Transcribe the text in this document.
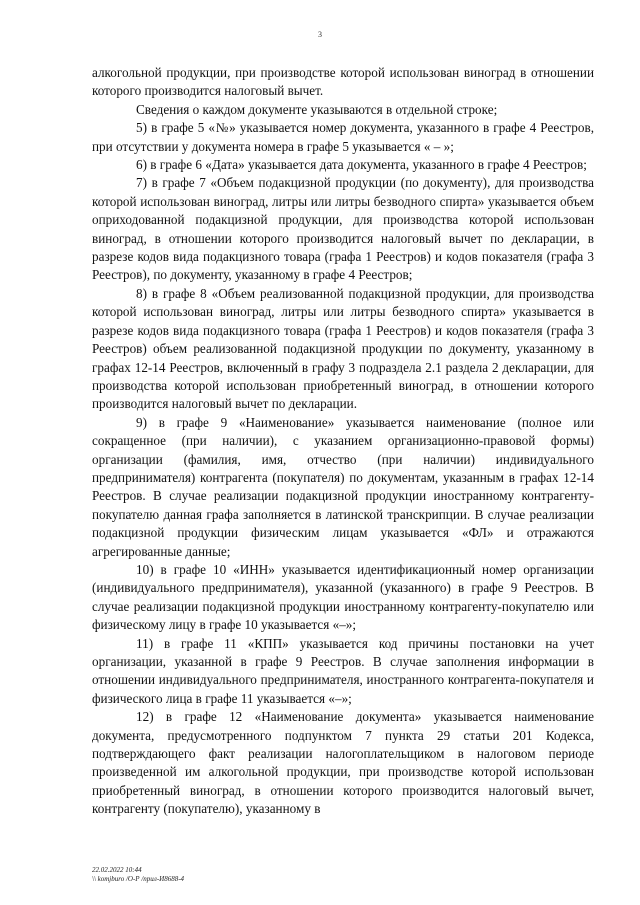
3

алкогольной продукции, при производстве которой использован виноград в отношении которого производится налоговый вычет.

Сведения о каждом документе указываются в отдельной строке;

5) в графе 5 «№» указывается номер документа, указанного в графе 4 Реестров, при отсутствии у документа номера в графе 5 указывается « – »;

6) в графе 6 «Дата» указывается дата документа, указанного в графе 4 Реестров;

7) в графе 7 «Объем подакцизной продукции (по документу), для производства которой использован виноград, литры или литры безводного спирта» указывается объем оприходованной подакцизной продукции, для производства которой использован виноград, в отношении которого производится налоговый вычет по декларации, в разрезе кодов вида подакцизного товара (графа 1 Реестров) и кодов показателя (графа 3 Реестров), по документу, указанному в графе 4 Реестров;

8) в графе 8 «Объем реализованной подакцизной продукции, для производства которой использован виноград, литры или литры безводного спирта» указывается в разрезе кодов вида подакцизного товара (графа 1 Реестров) и кодов показателя (графа 3 Реестров) объем реализованной подакцизной продукции по документу, указанному в графах 12-14 Реестров, включенный в графу 3 подраздела 2.1 раздела 2 декларации, для производства которой использован приобретенный виноград, в отношении которого производится налоговый вычет по декларации.

9) в графе 9 «Наименование» указывается наименование (полное или сокращенное (при наличии), с указанием организационно-правовой формы) организации (фамилия, имя, отчество (при наличии) индивидуального предпринимателя) контрагента (покупателя) по документам, указанным в графах 12-14 Реестров. В случае реализации подакцизной продукции иностранному контрагенту-покупателю данная графа заполняется в латинской транскрипции. В случае реализации подакцизной продукции физическим лицам указывается «ФЛ» и отражаются агрегированные данные;

10) в графе 10 «ИНН» указывается идентификационный номер организации (индивидуального предпринимателя), указанной (указанного) в графе 9 Реестров. В случае реализации подакцизной продукции иностранному контрагенту-покупателю или физическому лицу в графе 10 указывается «–»;

11) в графе 11 «КПП» указывается код причины постановки на учет организации, указанной в графе 9 Реестров. В случае заполнения информации в отношении индивидуального предпринимателя, иностранного контрагента-покупателя и физического лица в графе 11 указывается «–»;

12) в графе 12 «Наименование документа» указывается наименование документа, предусмотренного подпунктом 7 пункта 29 статьи 201 Кодекса, подтверждающего факт реализации налогоплательщиком в налоговом периоде произведенной им алкогольной продукции, при производстве которой использован приобретенный виноград, в отношении которого производится налоговый вычет, контрагенту (покупателю), указанному в

22.02.2022 10:44
\\ komjburo /О-Р /прил-И8688-4
